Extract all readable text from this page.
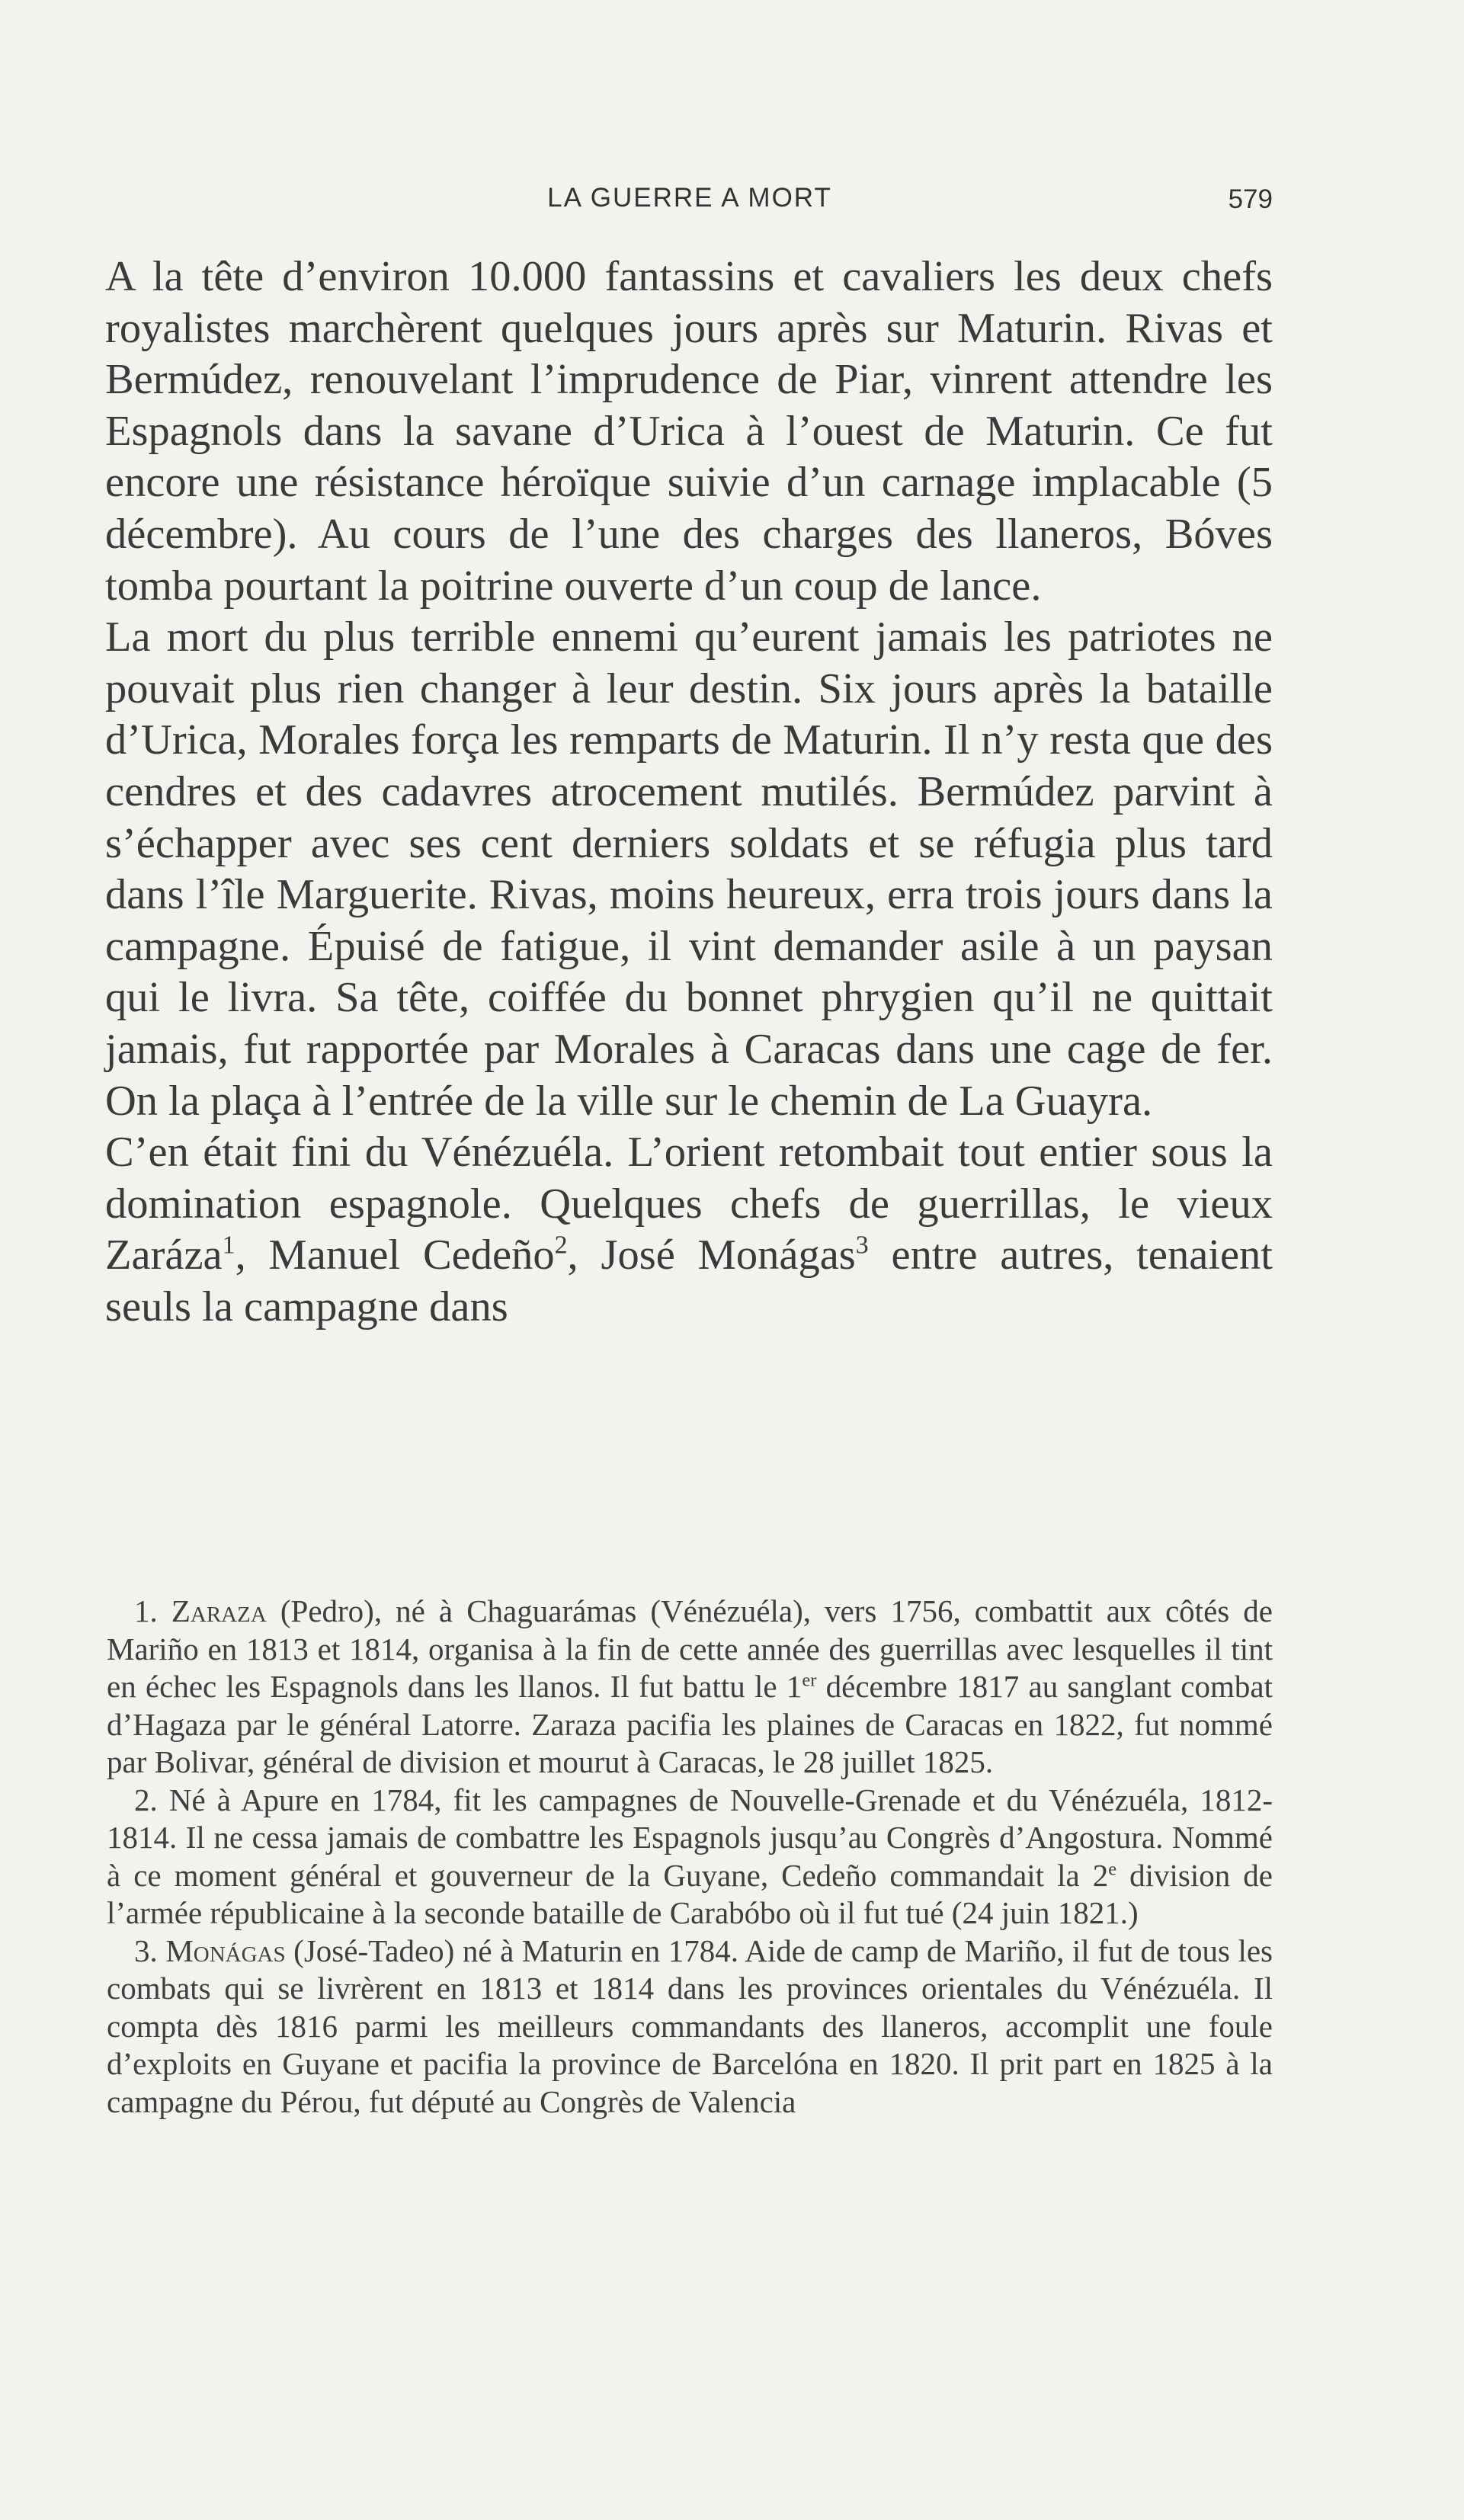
LA GUERRE A MORT	579

A la tête d’environ 10.000 fantassins et cavaliers les deux chefs royalistes marchèrent quelques jours après sur Maturin. Rivas et Bermúdez, renouvelant l’imprudence de Piar, vinrent attendre les Espagnols dans la savane d’Urica à l’ouest de Maturin. Ce fut encore une résistance héroïque suivie d’un carnage implacable (5 décembre). Au cours de l’une des charges des llaneros, Bóves tomba pourtant la poitrine ouverte d’un coup de lance.

La mort du plus terrible ennemi qu’eurent jamais les patriotes ne pouvait plus rien changer à leur destin. Six jours après la bataille d’Urica, Morales força les remparts de Maturin. Il n’y resta que des cendres et des cadavres atrocement mutilés. Bermúdez parvint à s’échapper avec ses cent derniers soldats et se réfugia plus tard dans l’île Marguerite. Rivas, moins heureux, erra trois jours dans la campagne. Épuisé de fatigue, il vint demander asile à un paysan qui le livra. Sa tête, coiffée du bonnet phrygien qu’il ne quittait jamais, fut rapportée par Morales à Caracas dans une cage de fer. On la plaça à l’entrée de la ville sur le chemin de La Guayra.

C’en était fini du Vénézuéla. L’orient retombait tout entier sous la domination espagnole. Quelques chefs de guerrillas, le vieux Zaráza$^1$, Manuel Cedeño$^2$, José Monágas$^3$ entre autres, tenaient seuls la campagne dans

1. Zaraza (Pedro), né à Chaguarámas (Vénézuéla), vers 1756, combattit aux côtés de Mariño en 1813 et 1814, organisa à la fin de cette année des guerrillas avec lesquelles il tint en échec les Espagnols dans les llanos. Il fut battu le 1er décembre 1817 au sanglant combat d’Hagaza par le général Latorre. Zaraza pacifia les plaines de Caracas en 1822, fut nommé par Bolivar, général de division et mourut à Caracas, le 28 juillet 1825.

2. Né à Apure en 1784, fit les campagnes de Nouvelle-Grenade et du Vénézuéla, 1812-1814. Il ne cessa jamais de combattre les Espagnols jusqu’au Congrès d’Angostura. Nommé à ce moment général et gouverneur de la Guyane, Cedeño commandait la 2e division de l’armée républicaine à la seconde bataille de Carabóbo où il fut tué (24 juin 1821.)

3. Monágas (José-Tadeo) né à Maturin en 1784. Aide de camp de Mariño, il fut de tous les combats qui se livrèrent en 1813 et 1814 dans les provinces orientales du Vénézuéla. Il compta dès 1816 parmi les meilleurs commandants des llaneros, accomplit une foule d’exploits en Guyane et pacifia la province de Barcelóna en 1820. Il prit part en 1825 à la campagne du Pérou, fut député au Congrès de Valencia
